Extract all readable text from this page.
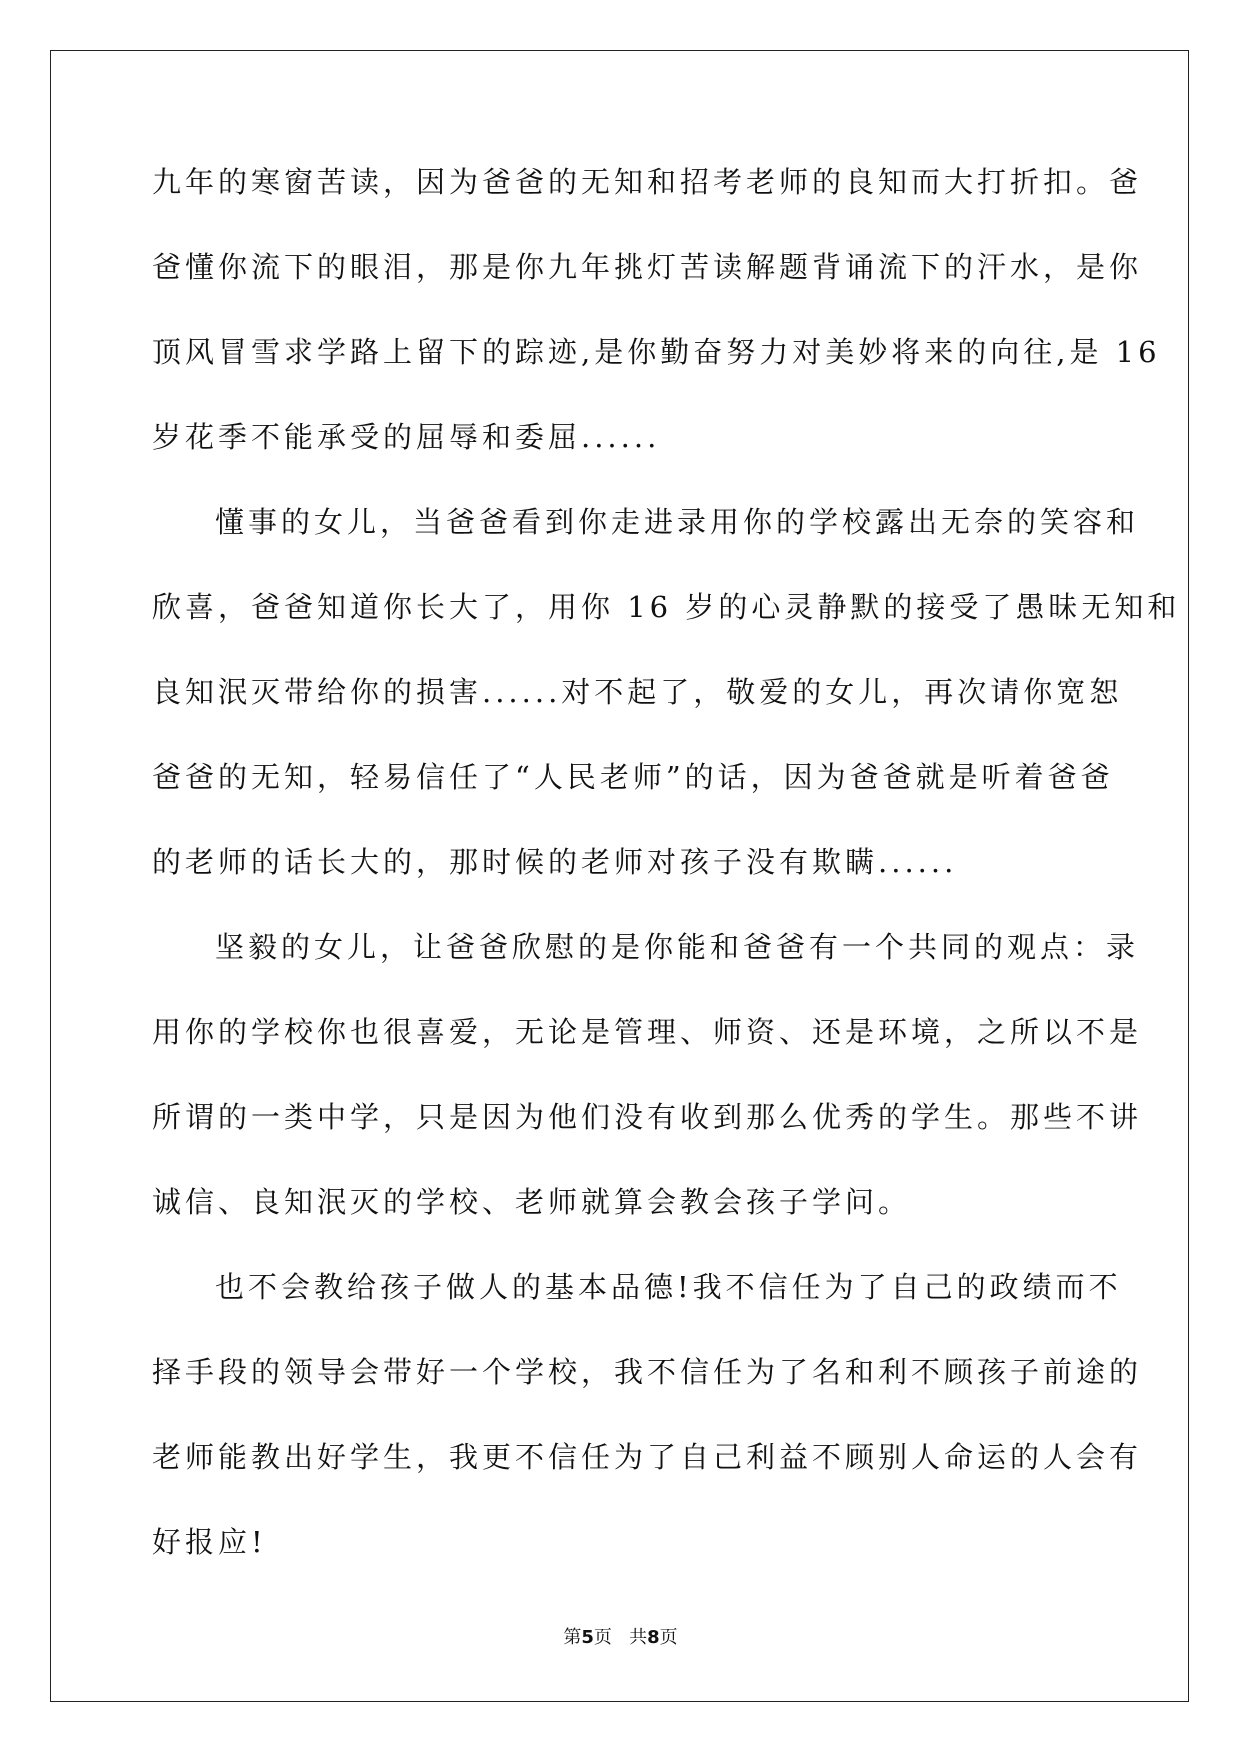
九年的寒窗苦读，因为爸爸的无知和招考老师的良知而大打折扣。爸
爸懂你流下的眼泪，那是你九年挑灯苦读解题背诵流下的汗水，是你
顶风冒雪求学路上留下的踪迹,是你勤奋努力对美妙将来的向往,是 16
岁花季不能承受的屈辱和委屈......
懂事的女儿，当爸爸看到你走进录用你的学校露出无奈的笑容和
欣喜，爸爸知道你长大了，用你 16 岁的心灵静默的接受了愚昧无知和
良知泯灭带给你的损害......对不起了，敬爱的女儿，再次请你宽恕
爸爸的无知，轻易信任了“人民老师”的话，因为爸爸就是听着爸爸
的老师的话长大的，那时候的老师对孩子没有欺瞒......
坚毅的女儿，让爸爸欣慰的是你能和爸爸有一个共同的观点：录
用你的学校你也很喜爱，无论是管理、师资、还是环境，之所以不是
所谓的一类中学，只是因为他们没有收到那么优秀的学生。那些不讲
诚信、良知泯灭的学校、老师就算会教会孩子学问。
也不会教给孩子做人的基本品德!我不信任为了自己的政绩而不
择手段的领导会带好一个学校，我不信任为了名和利不顾孩子前途的
老师能教出好学生，我更不信任为了自己利益不顾别人命运的人会有
好报应!
第5页 共8页
